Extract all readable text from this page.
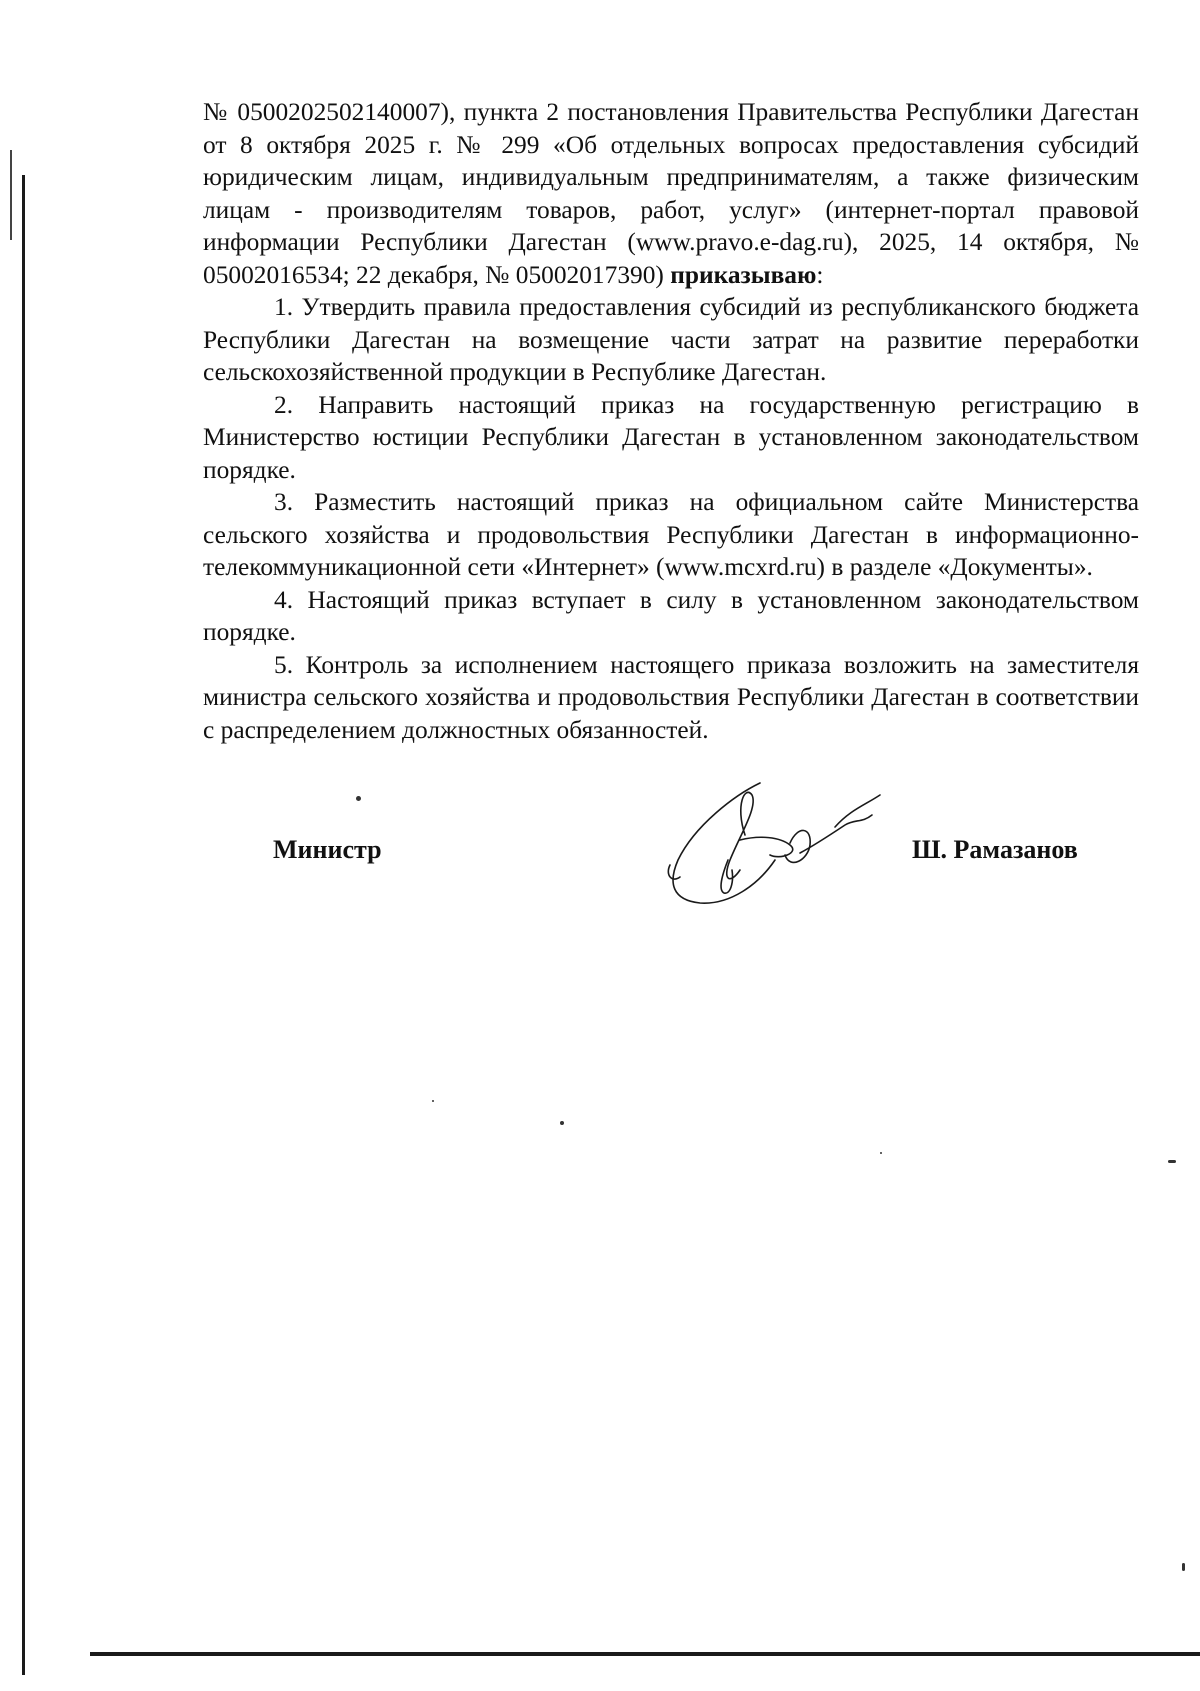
№ 0500202502140007), пункта 2 постановления Правительства Республики Дагестан от 8 октября 2025 г. № 299 «Об отдельных вопросах предоставления субсидий юридическим лицам, индивидуальным предпринимателям, а также физическим лицам - производителям товаров, работ, услуг» (интернет-портал правовой информации Республики Дагестан (www.pravo.e-dag.ru), 2025, 14 октября, № 05002016534; 22 декабря, № 05002017390) приказываю:

1. Утвердить правила предоставления субсидий из республиканского бюджета Республики Дагестан на возмещение части затрат на развитие переработки сельскохозяйственной продукции в Республике Дагестан.

2. Направить настоящий приказ на государственную регистрацию в Министерство юстиции Республики Дагестан в установленном законодательством порядке.

3. Разместить настоящий приказ на официальном сайте Министерства сельского хозяйства и продовольствия Республики Дагестан в информационно-телекоммуникационной сети «Интернет» (www.mcxrd.ru) в разделе «Документы».

4. Настоящий приказ вступает в силу в установленном законодательством порядке.

5. Контроль за исполнением настоящего приказа возложить на заместителя министра сельского хозяйства и продовольствия Республики Дагестан в соответствии с распределением должностных обязанностей.

Министр	Ш. Рамазанов
